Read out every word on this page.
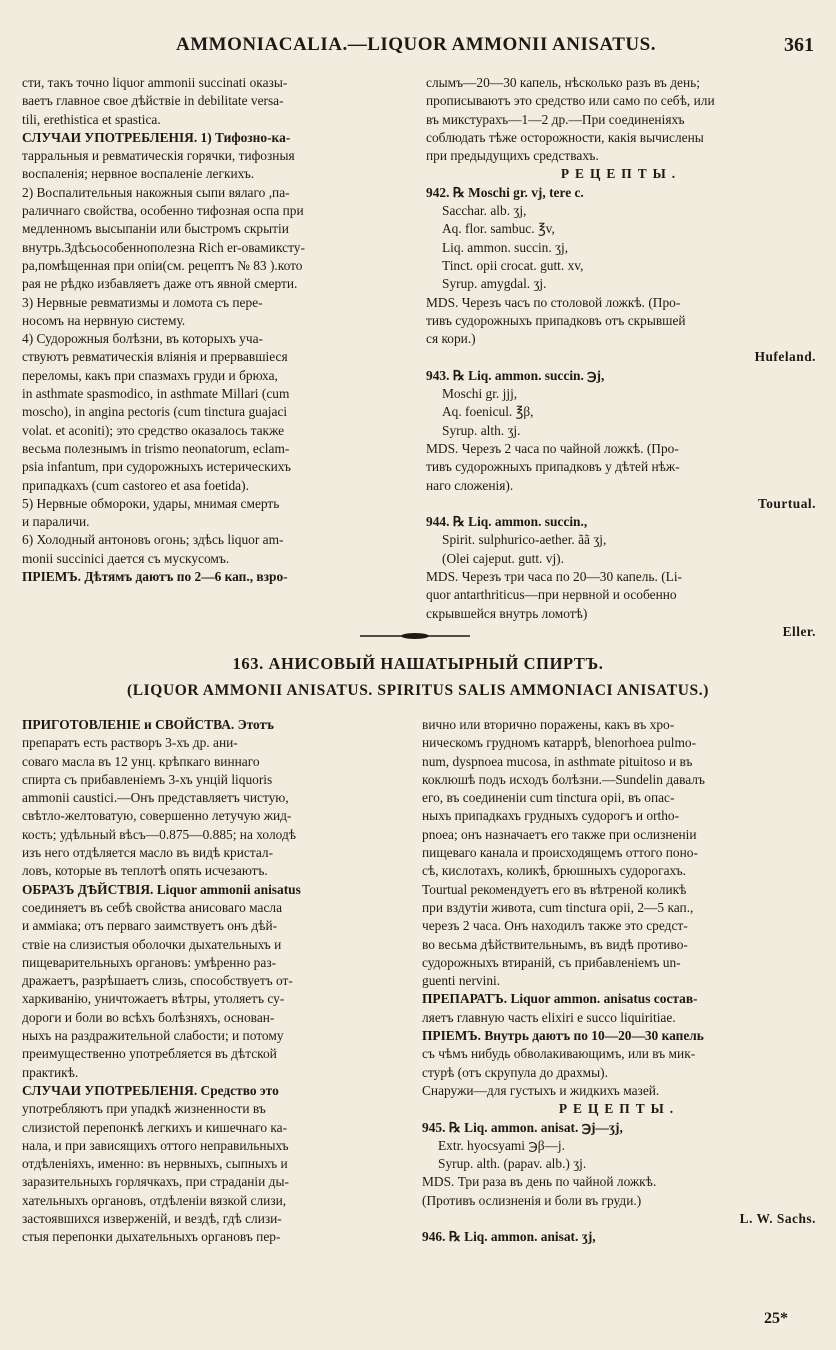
AMMONIACALIA.—LIQUOR AMMONII ANISATUS.	361
сти, такъ точно liquor ammonii succinati оказы-
ваетъ главное свое дѣйствіе in debilitate versa-
tili, erethistica et spastica.
СЛУЧАИ УПОТРЕБЛЕНІЯ. 1) Тифозно-ка-
тарральныя и ревматическія горячки, тифозныя
воспаленія; нервное воспаленіе легкихъ.
2) Воспалительныя накожныя сыпи вялаго ,па-
раличнаго свойства, особенно тифозная оспа при
медленномъ высыпаніи или быстромъ скрытіи
внутрь.Здѣсьособеннополезна Rich er-овамиксту-
ра,помѣщенная при опіи(см. рецептъ № 83 ).кото
рая не рѣдко избавляетъ даже отъ явной смерти.
3) Нервные ревматизмы и ломота съ пере-
носомъ на нервную систему.
4) Судорожныя болѣзни, въ которыхъ уча-
ствуютъ ревматическія вліянія и прервавшіеся
переломы, какъ при спазмахъ груди и брюха,
in asthmate spasmodico, in asthmate Millari (cum
moscho), in angina pectoris (cum tinctura guajaci
volat. et aconiti); это средство оказалось также
весьма полезнымъ in trismo neonatorum, eclam-
psia infantum, при судорожныхъ истерическихъ
припадкахъ (cum castoreo et asa foetida).
5) Нервные обмороки, удары, мнимая смерть
и параличи.
6) Холодный антоновъ огонь; здѣсь liquor am-
monii succinici дается съ мускусомъ.
ПРІЕМЪ. Дѣтямъ даютъ по 2—6 кап., взро-
слымъ—20—30 капель, нѣсколько разъ въ день;
прописываютъ это средство или само по себѣ, или
въ микстурахъ—1—2 др.—При соединеніяхъ
соблюдать тѣже осторожности, какія вычислены
при предыдущихъ средствахъ.
РЕЦЕПТЫ.
942. ℞ Moschi gr. vj, tere c.
Sacchar. alb. ʒj,
Aq. flor. sambuc. ℥v,
Liq. ammon. succin. ʒj,
Tinct. opii crocat. gutt. xv,
Syrup. amygdal. ʒj.
MDS. Черезъ часъ по столовой ложкѣ. (Про-
тивъ судорожныхъ припадковъ отъ скрывшей
ся кори.)
Hufeland.
943. ℞ Liq. ammon. succin. ℈j,
Moschi gr. jjj,
Aq. foenicul. ℥β,
Syrup. alth. ʒj.
MDS. Черезъ 2 часа по чайной ложкѣ. (Про-
тивъ судорожныхъ припадковъ у дѣтей нѣж-
наго сложенія).
Tourtual.
944. ℞ Liq. ammon. succin.,
Spirit. sulphurico-aether. ãã ʒj,
(Olei cajeput. gutt. vj).
MDS. Черезъ три часа по 20—30 капель. (Li-
quor antarthriticus—при нервной и особенно
скрывшейся внутрь ломотѣ)
Eller.
163. АНИСОВЫЙ НАШАТЫРНЫЙ СПИРТЪ.
(LIQUOR AMMONII ANISATUS. SPIRITUS SALIS AMMONIACI ANISATUS.)
ПРИГОТОВЛЕНІЕ и СВОЙСТВА. Этотъ
препаратъ есть растворъ 3-хъ др. ани-
соваго масла въ 12 унц. крѣпкаго виннаго
спирта съ прибавленіемъ 3-хъ унцій liquoris
ammonii caustici.—Онъ представляетъ чистую,
свѣтло-желтоватую, совершенно летучую жид-
кость; удѣльный вѣсъ—0.875—0.885; на холодѣ
изъ него отдѣляется масло въ видѣ кристал-
ловъ, которые въ теплотѣ опять исчезаютъ.
ОБРАЗЪ ДѢЙСТВІЯ. Liquor ammonii anisatus
соединяетъ въ себѣ свойства анисоваго масла
и амміака; отъ перваго заимствуетъ онъ дѣй-
ствіе на слизистыя оболочки дыхательныхъ и
пищеварительныхъ органовъ: умѣренно раз-
дражаетъ, разрѣшаетъ слизь, способствуетъ от-
харкиванію, уничтожаетъ вѣтры, утоляетъ су-
дороги и боли во всѣхъ болѣзняхъ, основан-
ныхъ на раздражительной слабости; и потому
преимущественно употребляется въ дѣтской
практикѣ.
СЛУЧАИ УПОТРЕБЛЕНІЯ. Средство это
употребляютъ при упадкѣ жизненности въ
слизистой перепонкѣ легкихъ и кишечнаго ка-
нала, и при зависящихъ оттого неправильныхъ
отдѣленіяхъ, именно: въ нервныхъ, сыпныхъ и
заразительныхъ горлячкахъ, при страданіи ды-
хательныхъ органовъ, отдѣленіи вязкой слизи,
застоявшихся изверженій, и вездѣ, гдѣ слизи-
стыя перепонки дыхательныхъ органовъ пер-
вично или вторично поражены, какъ въ хро-
ническомъ грудномъ катаррѣ, blenorhoea pulmo-
num, dyspnoea mucosa, in asthmate pituitoso и въ
коклюшѣ подъ исходъ болѣзни.—Sundelin давалъ
его, въ соединеніи cum tinctura opii, въ опас-
ныхъ припадкахъ грудныхъ судорогъ и ortho-
pnoea; онъ назначаетъ его также при ослизненіи
пищеваго канала и происходящемъ оттого поно-
сѣ, кислотахъ, коликѣ, брюшныхъ судорогахъ.
Tourtual рекомендуетъ его въ вѣтреной коликѣ
при вздутіи живота, cum tinctura opii, 2—5 кап.,
черезъ 2 часа. Онъ находилъ также это средст-
во весьма дѣйствительнымъ, въ видѣ противо-
судорожныхъ втираній, съ прибавленіемъ un-
guenti nervini.
ПРЕПАРАТЪ. Liquor ammon. anisatus состав-
ляетъ главную часть elixiri e succo liquiritiae.
ПРІЕМЪ. Внутрь даютъ по 10—20—30 капель
съ чѣмъ нибудь обволакивающимъ, или въ мик-
стурѣ (отъ скрупула до драхмы).
Снаружи—для густыхъ и жидкихъ мазей.
РЕЦЕПТЫ.
945. ℞ Liq. ammon. anisat. ℈j—ʒj,
Extr. hyocsyami ℈β—j.
Syrup. alth. (papav. alb.) ʒj.
MDS. Три раза въ день по чайной ложкѣ.
(Противъ ослизненія и боли въ груди.)
L. W. Sachs.
946. ℞ Liq. ammon. anisat. ʒj,
25*
